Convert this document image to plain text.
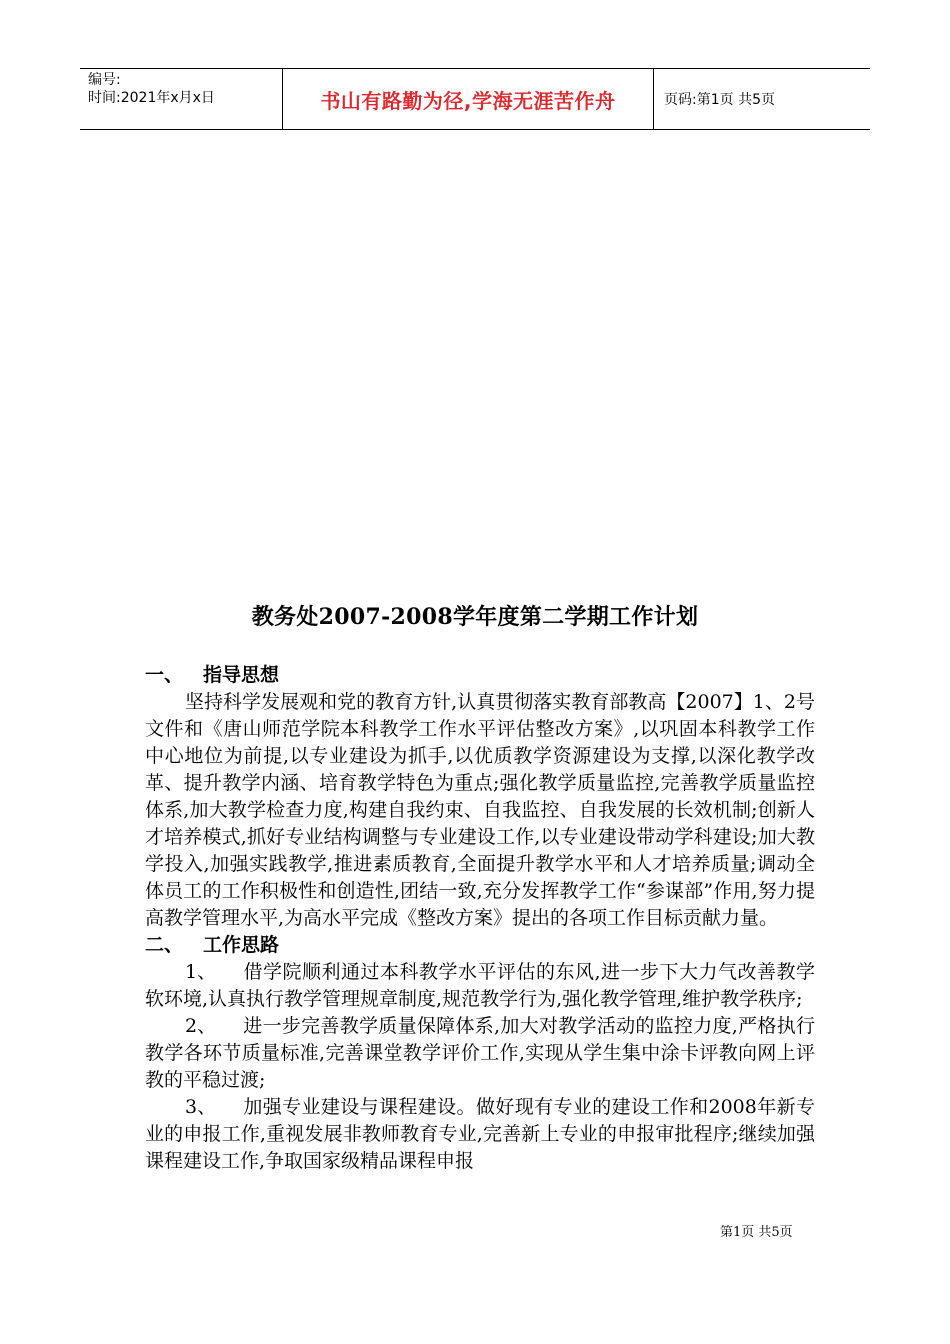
编号:
时间:2021年x月x日	书山有路勤为径,学海无涯苦作舟	页码:第1页 共5页
教务处2007-2008学年度第二学期工作计划
一、	指导思想

坚持科学发展观和党的教育方针,认真贯彻落实教育部教高【2007】1、2号文件和《唐山师范学院本科教学工作水平评估整改方案》,以巩固本科教学工作中心地位为前提,以专业建设为抓手,以优质教学资源建设为支撑,以深化教学改革、提升教学内涵、培育教学特色为重点;强化教学质量监控,完善教学质量监控体系,加大教学检查力度,构建自我约束、自我监控、自我发展的长效机制;创新人才培养模式,抓好专业结构调整与专业建设工作,以专业建设带动学科建设;加大教学投入,加强实践教学,推进素质教育,全面提升教学水平和人才培养质量;调动全体员工的工作积极性和创造性,团结一致,充分发挥教学工作“参谋部”作用,努力提高教学管理水平,为高水平完成《整改方案》提出的各项工作目标贡献力量。

二、	工作思路

1、 借学院顺利通过本科教学水平评估的东风,进一步下大力气改善教学软环境,认真执行教学管理规章制度,规范教学行为,强化教学管理,维护教学秩序;

2、 进一步完善教学质量保障体系,加大对教学活动的监控力度,严格执行教学各环节质量标准,完善课堂教学评价工作,实现从学生集中涂卡评教向网上评教的平稳过渡;

3、 加强专业建设与课程建设。做好现有专业的建设工作和2008年新专业的申报工作,重视发展非教师教育专业,完善新上专业的申报审批程序;继续加强课程建设工作,争取国家级精品课程申报

第1页 共5页
